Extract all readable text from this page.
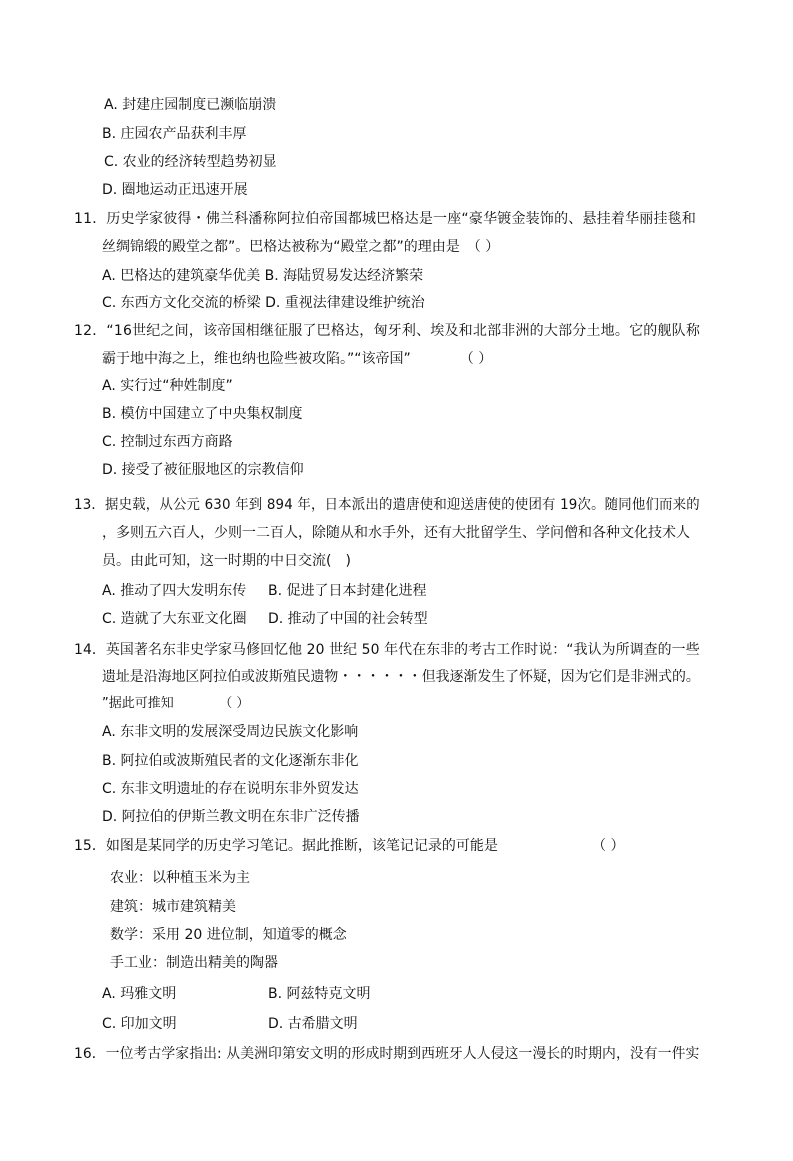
A. 封建庄园制度已濒临崩溃
B. 庄园农产品获利丰厚
C. 农业的经济转型趋势初显
D. 圈地运动正迅速开展
11．历史学家彼得・佛兰科潘称阿拉伯帝国都城巴格达是一座“豪华镀金装饰的、悬挂着华丽挂毯和
丝绸锦缎的殿堂之都”。巴格达被称为“殿堂之都”的理由是　（ ）
A. 巴格达的建筑豪华优美 B. 海陆贸易发达经济繁荣
C. 东西方文化交流的桥梁 D. 重视法律建设维护统治
12．“16世纪之间，该帝国相继征服了巴格达，匈牙利、埃及和北部非洲的大部分土地。它的舰队称
霸于地中海之上，维也纳也险些被攻陷。”“该帝国”　　　　（ ）
A. 实行过“种姓制度”
B. 模仿中国建立了中央集权制度
C. 控制过东西方商路
D. 接受了被征服地区的宗教信仰
13．据史载，从公元 630 年到 894 年，日本派出的遣唐使和迎送唐使的使团有 19次。随同他们而来的
，多则五六百人，少则一二百人，除随从和水手外，还有大批留学生、学问僧和各种文化技术人
员。由此可知，这一时期的中日交流(　)
A. 推动了四大发明东传 B. 促进了日本封建化进程
C. 造就了大东亚文化圈 D. 推动了中国的社会转型
14．英国著名东非史学家马修回忆他 20 世纪 50 年代在东非的考古工作时说：“我认为所调查的一些
遗址是沿海地区阿拉伯或波斯殖民遗物・・・・・・但我逐渐发生了怀疑，因为它们是非洲式的。
”据此可推知　　　　（ ）
A. 东非文明的发展深受周边民族文化影响
B. 阿拉伯或波斯殖民者的文化逐渐东非化
C. 东非文明遗址的存在说明东非外贸发达
D. 阿拉伯的伊斯兰教文明在东非广泛传播
15．如图是某同学的历史学习笔记。据此推断，该笔记记录的可能是	（ ）
农业：以种植玉米为主
建筑：城市建筑精美
数学：采用 20 进位制，知道零的概念
手工业：制造出精美的陶器
A. 玛雅文明	B. 阿兹特克文明
C. 印加文明	D. 古希腊文明
16．一位考古学家指出: 从美洲印第安文明的形成时期到西班牙人人侵这一漫长的时期内，没有一件实
